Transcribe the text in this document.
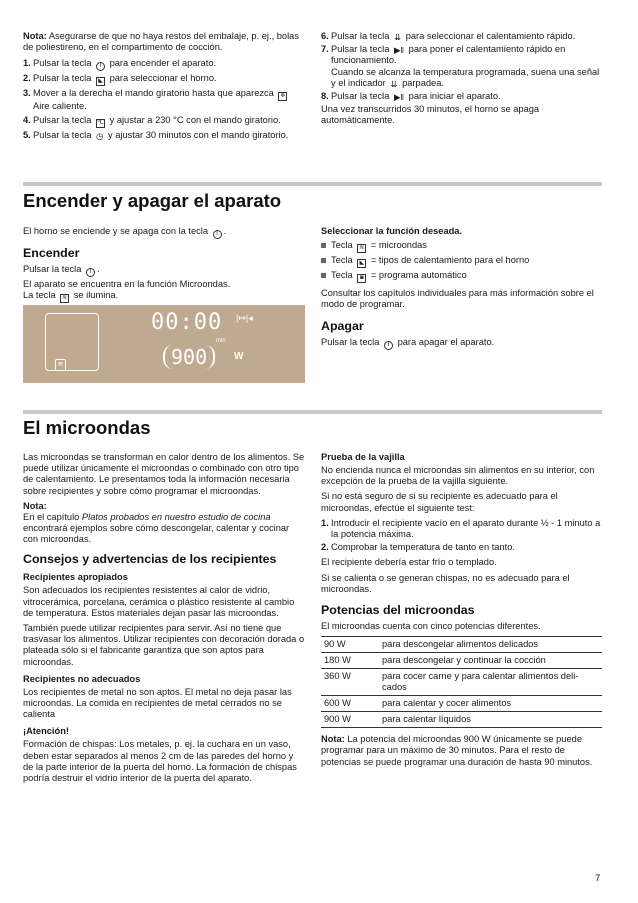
Nota: Asegurarse de que no haya restos del embalaje, p. ej., bolas de poliestireno, en el compartimento de cocción.

1. Pulsar la tecla I para encender el aparato.
2. Pulsar la tecla ◣ para seleccionar el horno.
3. Mover a la derecha el mando giratorio hasta que aparezca ❄ Aire caliente.
4. Pulsar la tecla ℃ y ajustar a 230 °C con el mando giratorio.
5. Pulsar la tecla ◷ y ajustar 30 minutos con el mando giratorio.
6. Pulsar la tecla ⇊ para seleccionar el calentamiento rápido.
7. Pulsar la tecla ▶ǁ para poner el calentamiento rápido en funcionamiento.
Cuando se alcanza la temperatura programada, suena una señal y el indicador ⇊ parpadea.
8. Pulsar la tecla ▶ǁ para iniciar el aparato.

Una vez transcurridos 30 minutos, el horno se apaga automáticamente.

Encender y apagar el aparato

El horno se enciende y se apaga con la tecla I .

Encender

Pulsar la tecla I .

El aparato se encuentra en la función Microondas.
La tecla ≋ se ilumina.
≋
00:00
min
|↦|◂
900	W
Seleccionar la función deseada.
Tecla ≋ = microondas
Tecla ◣ = tipos de calentamiento para el horno
Tecla ◙ = programa automático

Consultar los capítulos individuales para más información sobre el modo de programar.

Apagar

Pulsar la tecla I para apagar el aparato.

El microondas

Las microondas se transforman en calor dentro de los alimentos. Se puede utilizar únicamente el microondas o combinado con otro tipo de calentamiento. Le presentamos toda la información necesaria sobre recipientes y sobre cómo programar el microondas.

Nota:

En el capítulo Platos probados en nuestro estudio de cocina encontrará ejemplos sobre cómo descongelar, calentar y cocinar con microondas.

Consejos y advertencias de los recipientes
Recipientes apropiados

Son adecuados los recipientes resistentes al calor de vidrio, vitrocerámica, porcelana, cerámica o plástico resistente al cambio de temperatura. Estos materiales dejan pasar las microondas.

También puede utilizar recipientes para servir. Así no tiene que trasvasar los alimentos. Utilizar recipientes con decoración dorada o plateada sólo si el fabricante garantiza que son aptos para microondas.

Recipientes no adecuados

Los recipientes de metal no son aptos. El metal no deja pasar las microondas. La comida en recipientes de metal cerrados no se calienta

¡Atención!

Formación de chispas: Los metales, p. ej. la cuchara en un vaso, deben estar separados al menos 2 cm de las paredes del horno y de la parte interior de la puerta del horno. La formación de chispas podría destruir el vidrio interior de la puerta del aparato.

Prueba de la vajilla

No encienda nunca el microondas sin alimentos en su interior, con excepción de la prueba de la vajilla siguiente.

Si no está seguro de si su recipiente es adecuado para el microondas, efectúe el siguiente test:

1. Introducir el recipiente vacío en el aparato durante ½ - 1 minuto a la potencia máxima.
2. Comprobar la temperatura de tanto en tanto.

El recipiente debería estar frío o templado.

Si se calienta o se generan chispas, no es adecuado para el microondas.

Potencias del microondas

El microondas cuenta con cinco potencias diferentes.

90 W	para descongelar alimentos delicados
180 W	para descongelar y continuar la cocción
360 W	para cocer carne y para calentar alimentos deli-cados
600 W	para calentar y cocer alimentos
900 W	para calentar líquidos

Nota: La potencia del microondas 900 W únicamente se puede programar para un máximo de 30 minutos. Para el resto de potencias se puede programar una duración de hasta 90 minutos.

7
